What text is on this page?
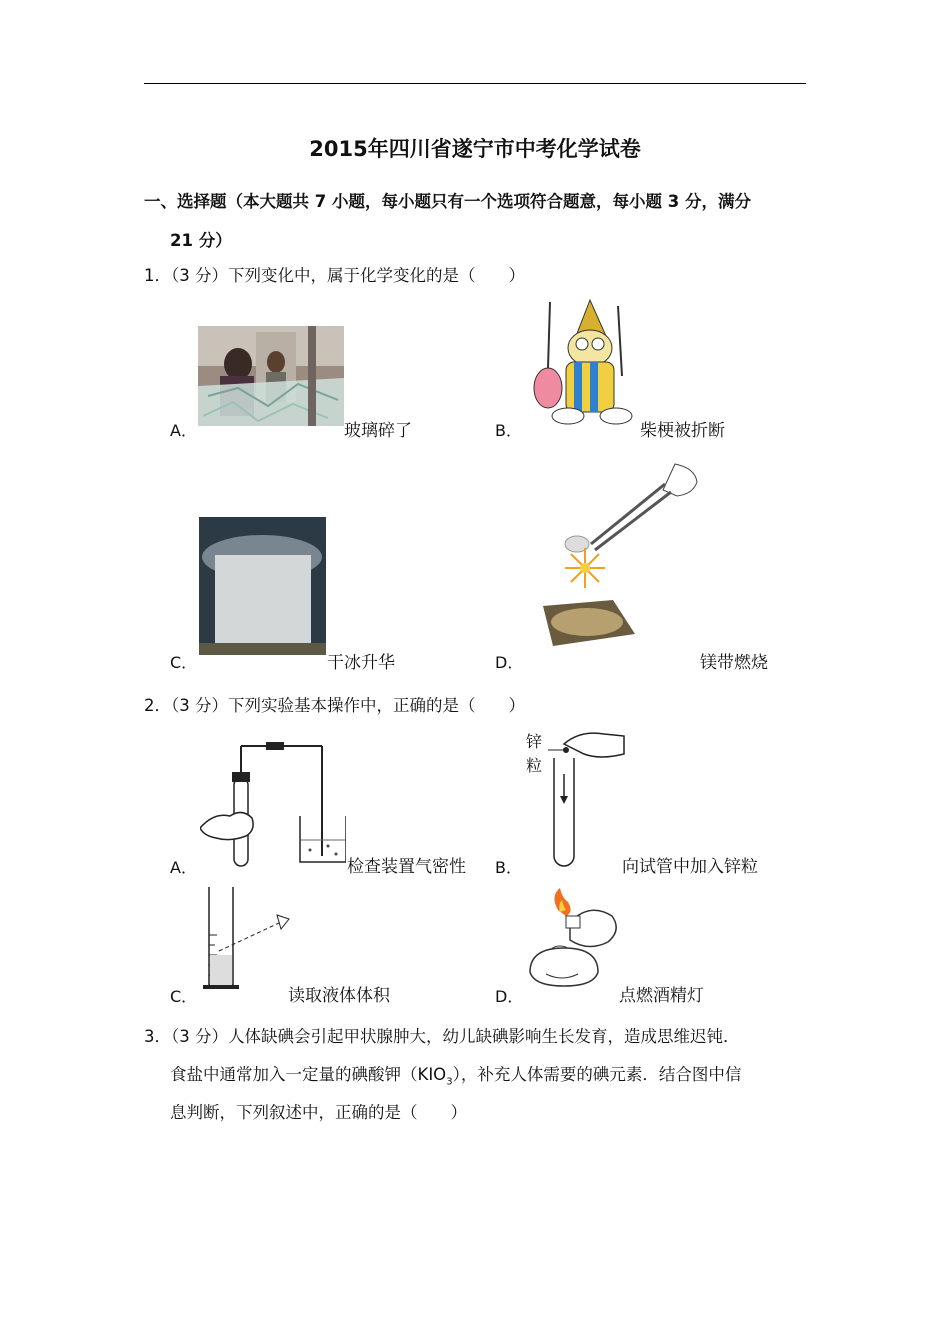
2015年四川省遂宁市中考化学试卷
一、选择题（本大题共 7 小题，每小题只有一个选项符合题意，每小题 3 分，满分
21 分）
1．（3 分）下列变化中，属于化学变化的是（　　）
A．	玻璃碎了	B．	柴梗被折断
C．	干冰升华	D．	镁带燃烧
2．（3 分）下列实验基本操作中，正确的是（　　）
A．	检查装置气密性 B．
锌
粒
向试管中加入锌粒
C．	读取液体体积	D．	点燃酒精灯
3．（3 分）人体缺碘会引起甲状腺肿大，幼儿缺碘影响生长发育，造成思维迟钝．
食盐中通常加入一定量的碘酸钾$(KIO_3)$，补充人体需要的碘元素．结合图中信
息判断，下列叙述中，正确的是（　　）
